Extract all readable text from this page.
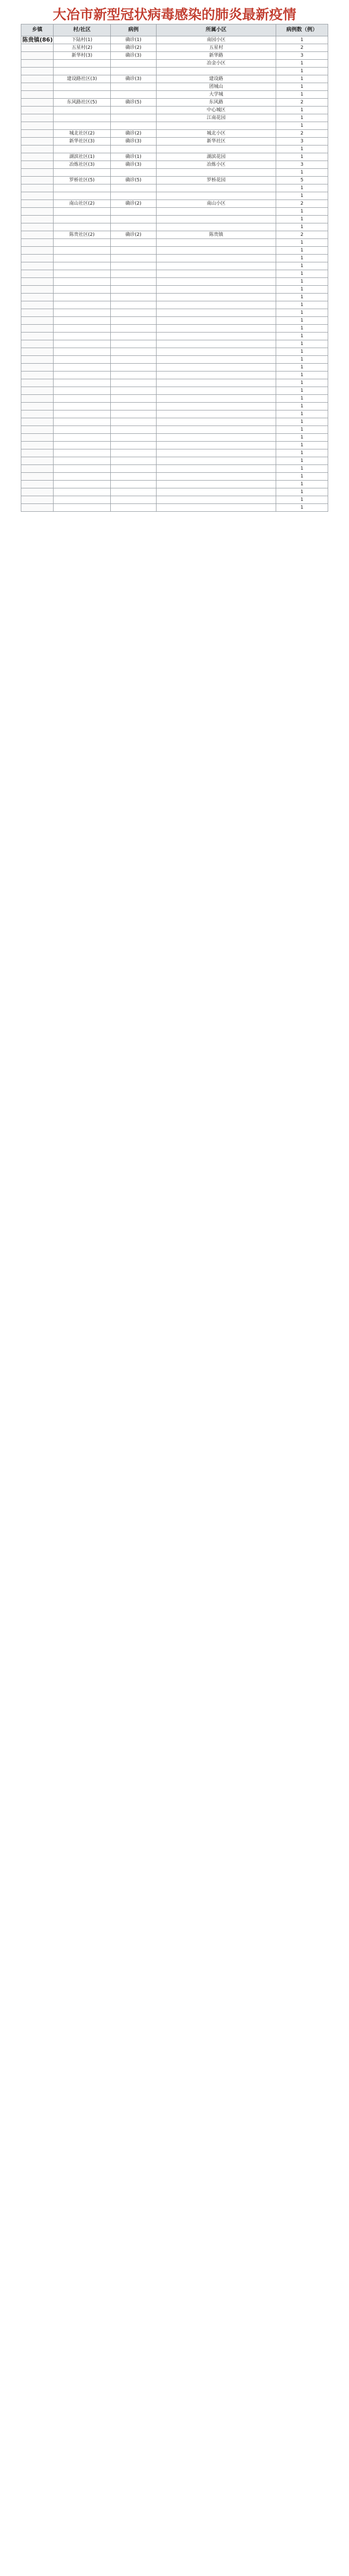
大冶市新型冠状病毒感染的肺炎最新疫情
乡镇	村/社区	病例	所属小区	病例数（例）
陈贵镇(86)	下陆村(1)	确诊(1)	南园小区	1
	五星村(2)	确诊(2)	五星村	2
	新华村(3)	确诊(3)	新华路	3
			冶金小区	1
				1
	建设路社区(3)	确诊(3)	建设路	1
			团城山	1
			大学城	1
	东风路社区(5)	确诊(5)	东风路	2
			中心城区	1
			江南花园	1
				1
	城北社区(2)	确诊(2)	城北小区	2
	新华社区(3)	确诊(3)	新华社区	3
				1
	湖滨社区(1)	确诊(1)	湖滨花园	1
	冶炼社区(3)	确诊(3)	冶炼小区	3
				1
	罗桥社区(5)	确诊(5)	罗桥花园	5
				1
				1
	南山社区(2)	确诊(2)	南山小区	2
				1
				1
				1
	陈贵社区(2)	确诊(2)	陈贵镇	2
				1
				1
				1
				1
				1
				1
				1
				1
				1
				1
				1
				1
				1
				1
				1
				1
				1
				1
				1
				1
				1
				1
				1
				1
				1
				1
				1
				1
				1
				1
				1
				1
				1
				1
				1
